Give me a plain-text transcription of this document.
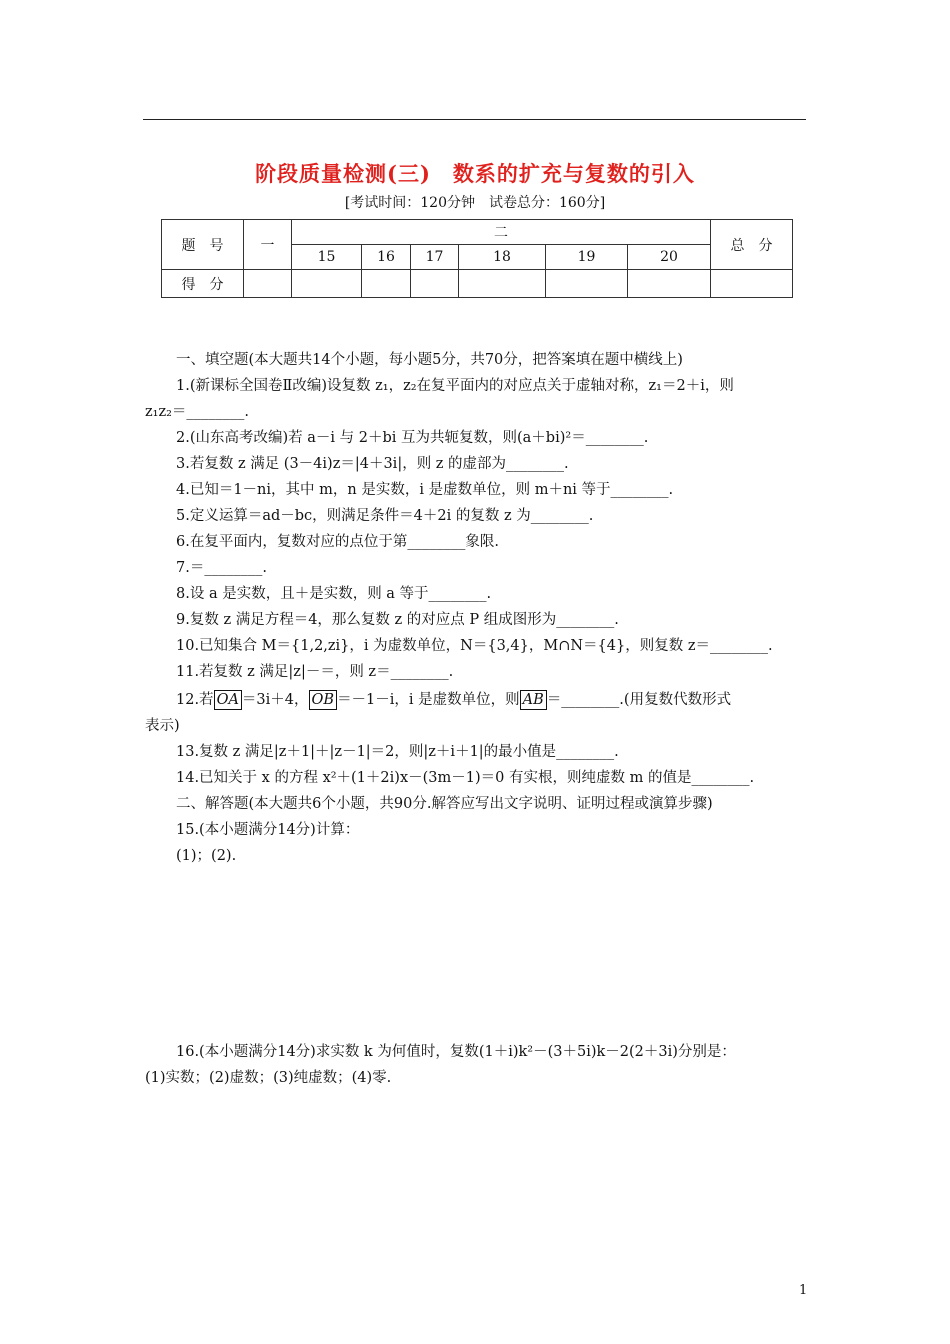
阶段质量检测(三)　数系的扩充与复数的引入
[考试时间：120分钟　试卷总分：160分]
题　号	一	二						总　分
		15	16	17	18	19	20	
得　分								
一、填空题(本大题共14个小题，每小题5分，共70分，把答案填在题中横线上)
1.(新课标全国卷Ⅱ改编)设复数 z₁，z₂在复平面内的对应点关于虚轴对称，z₁＝2＋i，则
z₁z₂＝________.
2.(山东高考改编)若 a－i 与 2＋bi 互为共轭复数，则(a＋bi)²＝________.
3.若复数 z 满足 (3－4i)z＝|4＋3i|，则 z 的虚部为________.
4.已知＝1－ni，其中 m，n 是实数，i 是虚数单位，则 m＋ni 等于________.
5.定义运算＝ad－bc，则满足条件＝4＋2i 的复数 z 为________.
6.在复平面内，复数对应的点位于第________象限.
7.＝________.
8.设 a 是实数，且＋是实数，则 a 等于________.
9.复数 z 满足方程＝4，那么复数 z 的对应点 P 组成图形为________.
10.已知集合 M＝{1,2,zi}，i 为虚数单位，N＝{3,4}，M∩N＝{4}，则复数 z＝________.
11.若复数 z 满足|z|－＝，则 z＝________.
12.若 OA ＝3i＋4， OB ＝－1－i，i 是虚数单位，则 AB ＝________.(用复数代数形式
表示)
13.复数 z 满足|z＋1|＋|z－1|＝2，则|z＋i＋1|的最小值是________.
14.已知关于 x 的方程 x²＋(1＋2i)x－(3m－1)＝0 有实根，则纯虚数 m 的值是________.
二、解答题(本大题共6个小题，共90分.解答应写出文字说明、证明过程或演算步骤)
15.(本小题满分14分)计算：
(1)；(2).
16.(本小题满分14分)求实数 k 为何值时，复数(1＋i)k²－(3＋5i)k－2(2＋3i)分别是：
(1)实数；(2)虚数；(3)纯虚数；(4)零.
1
